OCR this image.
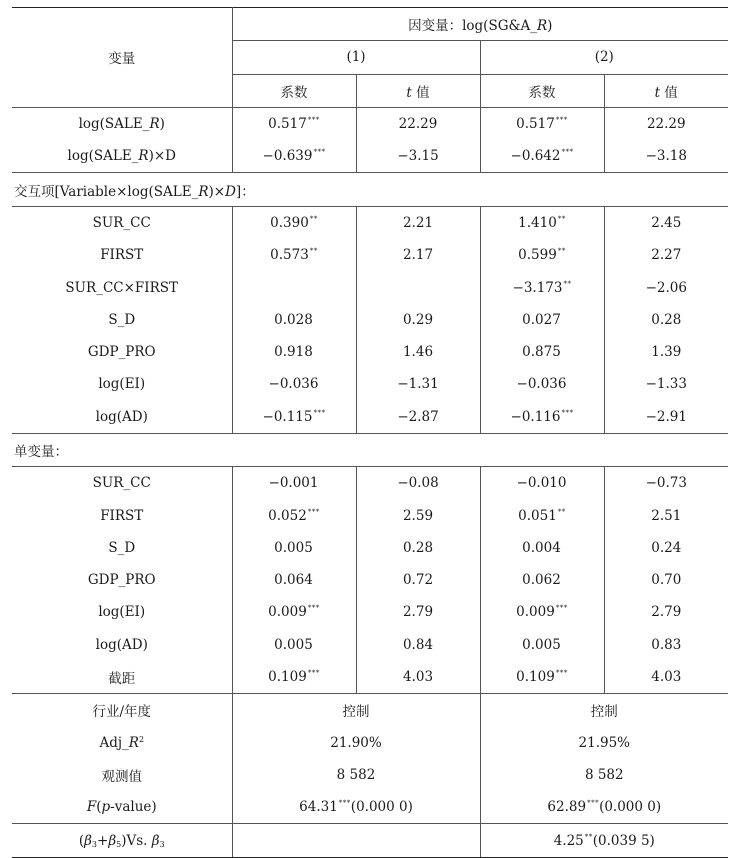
变量	因变量：log(SG&A_R)			
	(1)		(2)	
	系数	t 值	系数	t 值
log(SALE_R)	0.517***	22.29	0.517***	22.29
log(SALE_R)×D	−0.639***	−3.15	−0.642***	−3.18
交互项[Variable×log(SALE_R)×D]：				
SUR_CC	0.390**	2.21	1.410**	2.45
FIRST	0.573**	2.17	0.599**	2.27
SUR_CC×FIRST			−3.173**	−2.06
S_D	0.028	0.29	0.027	0.28
GDP_PRO	0.918	1.46	0.875	1.39
log(EI)	−0.036	−1.31	−0.036	−1.33
log(AD)	−0.115***	−2.87	−0.116***	−2.91
单变量：				
SUR_CC	−0.001	−0.08	−0.010	−0.73
FIRST	0.052***	2.59	0.051**	2.51
S_D	0.005	0.28	0.004	0.24
GDP_PRO	0.064	0.72	0.062	0.70
log(EI)	0.009***	2.79	0.009***	2.79
log(AD)	0.005	0.84	0.005	0.83
截距	0.109***	4.03	0.109***	4.03
行业/年度	控制		控制	
$Adj\_R^2$	21.90%		21.95%	
观测值	8 582		8 582	
F(p-value)	64.31***(0.000 0)		62.89***(0.000 0)	
$(\beta_3+\beta_5)Vs$. $\beta_3$			4.25**(0.039 5)	
